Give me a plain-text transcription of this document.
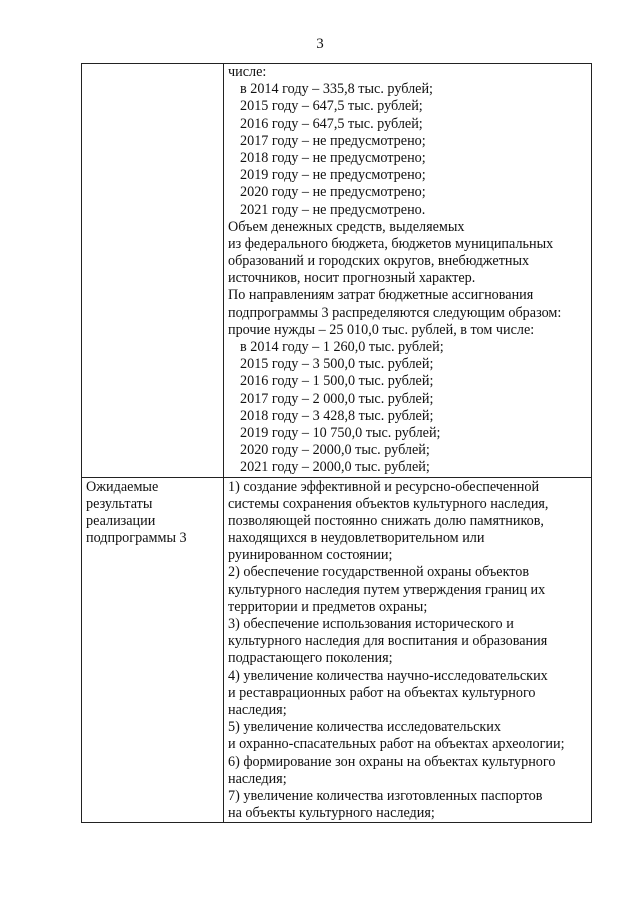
3
числе:
в 2014 году – 335,8 тыс. рублей;
2015 году – 647,5 тыс. рублей;
2016 году – 647,5 тыс. рублей;
2017 году – не предусмотрено;
2018 году – не предусмотрено;
2019 году – не предусмотрено;
2020 году – не предусмотрено;
2021 году – не предусмотрено.
Объем денежных средств, выделяемых
из федерального бюджета, бюджетов муниципальных
образований и городских округов, внебюджетных
источников, носит прогнозный характер.
По направлениям затрат бюджетные ассигнования
подпрограммы 3 распределяются следующим образом:
прочие нужды – 25 010,0 тыс. рублей, в том числе:
в 2014 году – 1 260,0 тыс. рублей;
2015 году – 3 500,0 тыс. рублей;
2016 году – 1 500,0 тыс. рублей;
2017 году – 2 000,0 тыс. рублей;
2018 году – 3 428,8 тыс. рублей;
2019 году – 10 750,0 тыс. рублей;
2020 году – 2000,0 тыс. рублей;
2021 году – 2000,0 тыс. рублей;
Ожидаемые
результаты
реализации
подпрограммы 3
1) создание эффективной и ресурсно-обеспеченной
системы сохранения объектов культурного наследия,
позволяющей постоянно снижать долю памятников,
находящихся в неудовлетворительном или
руинированном состоянии;
2) обеспечение государственной охраны объектов
культурного наследия путем утверждения границ их
территории и предметов охраны;
3) обеспечение использования исторического и
культурного наследия для воспитания и образования
подрастающего поколения;
4) увеличение количества научно-исследовательских
и реставрационных работ на объектах культурного
наследия;
5) увеличение количества исследовательских
и охранно-спасательных работ на объектах археологии;
6) формирование зон охраны на объектах культурного
наследия;
7) увеличение количества изготовленных паспортов
на объекты культурного наследия;
